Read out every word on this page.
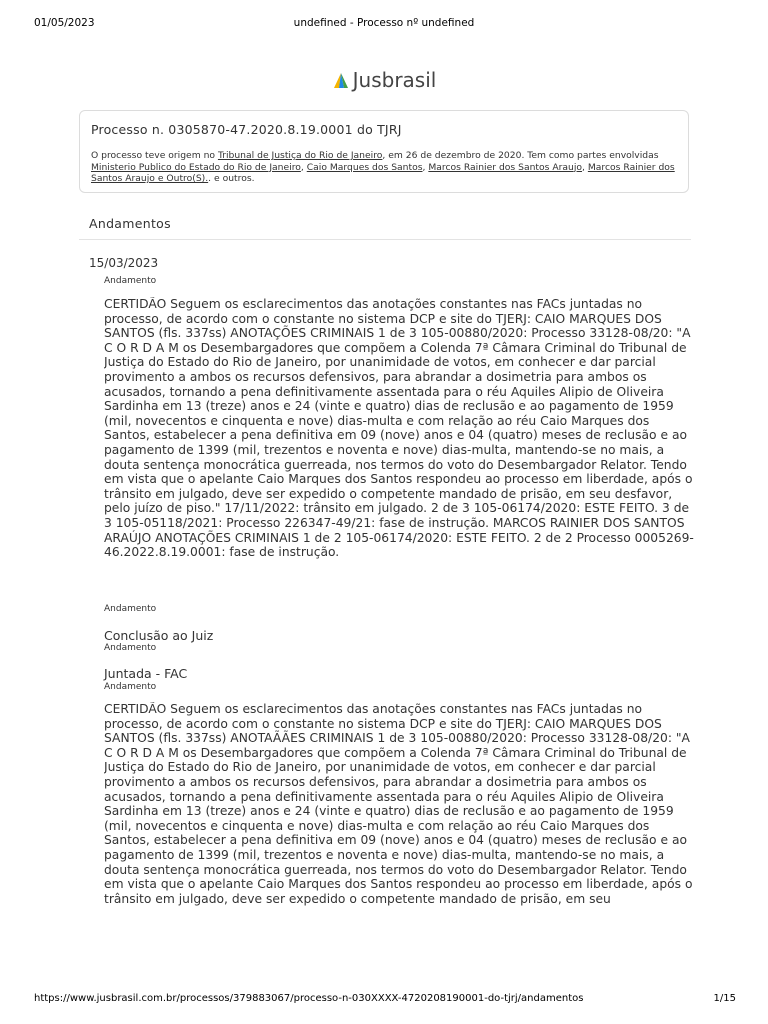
01/05/2023	undefined - Processo nº undefined
Jusbrasil
Processo n. 0305870-47.2020.8.19.0001 do TJRJ
O processo teve origem no Tribunal de Justiça do Rio de Janeiro, em 26 de dezembro de 2020. Tem como partes envolvidas Ministerio Publico do Estado do Rio de Janeiro, Caio Marques dos Santos, Marcos Rainier dos Santos Araujo, Marcos Rainier dos Santos Araujo e Outro(S).. e outros.
Andamentos
15/03/2023
Andamento
CERTIDÃO Seguem os esclarecimentos das anotações constantes nas FACs juntadas no processo, de acordo com o constante no sistema DCP e site do TJERJ: CAIO MARQUES DOS SANTOS (fls. 337ss) ANOTAÇÕES CRIMINAIS 1 de 3 105-00880/2020: Processo 33128-08/20: "A C O R D A M os Desembargadores que compõem a Colenda 7ª Câmara Criminal do Tribunal de Justiça do Estado do Rio de Janeiro, por unanimidade de votos, em conhecer e dar parcial provimento a ambos os recursos defensivos, para abrandar a dosimetria para ambos os acusados, tornando a pena definitivamente assentada para o réu Aquiles Alipio de Oliveira Sardinha em 13 (treze) anos e 24 (vinte e quatro) dias de reclusão e ao pagamento de 1959 (mil, novecentos e cinquenta e nove) dias-multa e com relação ao réu Caio Marques dos Santos, estabelecer a pena definitiva em 09 (nove) anos e 04 (quatro) meses de reclusão e ao pagamento de 1399 (mil, trezentos e noventa e nove) dias-multa, mantendo-se no mais, a douta sentença monocrática guerreada, nos termos do voto do Desembargador Relator. Tendo em vista que o apelante Caio Marques dos Santos respondeu ao processo em liberdade, após o trânsito em julgado, deve ser expedido o competente mandado de prisão, em seu desfavor, pelo juízo de piso." 17/11/2022: trânsito em julgado. 2 de 3 105-06174/2020: ESTE FEITO. 3 de 3 105-05118/2021: Processo 226347-49/21: fase de instrução. MARCOS RAINIER DOS SANTOS ARAÚJO ANOTAÇÕES CRIMINAIS 1 de 2 105-06174/2020: ESTE FEITO. 2 de 2 Processo 0005269-46.2022.8.19.0001: fase de instrução.
Andamento
Conclusão ao Juiz
Andamento
Juntada - FAC
Andamento
CERTIDÃO Seguem os esclarecimentos das anotações constantes nas FACs juntadas no processo, de acordo com o constante no sistema DCP e site do TJERJ: CAIO MARQUES DOS SANTOS (fls. 337ss) ANOTAÃÃES CRIMINAIS 1 de 3 105-00880/2020: Processo 33128-08/20: "A C O R D A M os Desembargadores que compõem a Colenda 7ª Câmara Criminal do Tribunal de Justiça do Estado do Rio de Janeiro, por unanimidade de votos, em conhecer e dar parcial provimento a ambos os recursos defensivos, para abrandar a dosimetria para ambos os acusados, tornando a pena definitivamente assentada para o réu Aquiles Alipio de Oliveira Sardinha em 13 (treze) anos e 24 (vinte e quatro) dias de reclusão e ao pagamento de 1959 (mil, novecentos e cinquenta e nove) dias-multa e com relação ao réu Caio Marques dos Santos, estabelecer a pena definitiva em 09 (nove) anos e 04 (quatro) meses de reclusão e ao pagamento de 1399 (mil, trezentos e noventa e nove) dias-multa, mantendo-se no mais, a douta sentença monocrática guerreada, nos termos do voto do Desembargador Relator. Tendo em vista que o apelante Caio Marques dos Santos respondeu ao processo em liberdade, após o trânsito em julgado, deve ser expedido o competente mandado de prisão, em seu
https://www.jusbrasil.com.br/processos/379883067/processo-n-030XXXX-4720208190001-do-tjrj/andamentos	1/15
